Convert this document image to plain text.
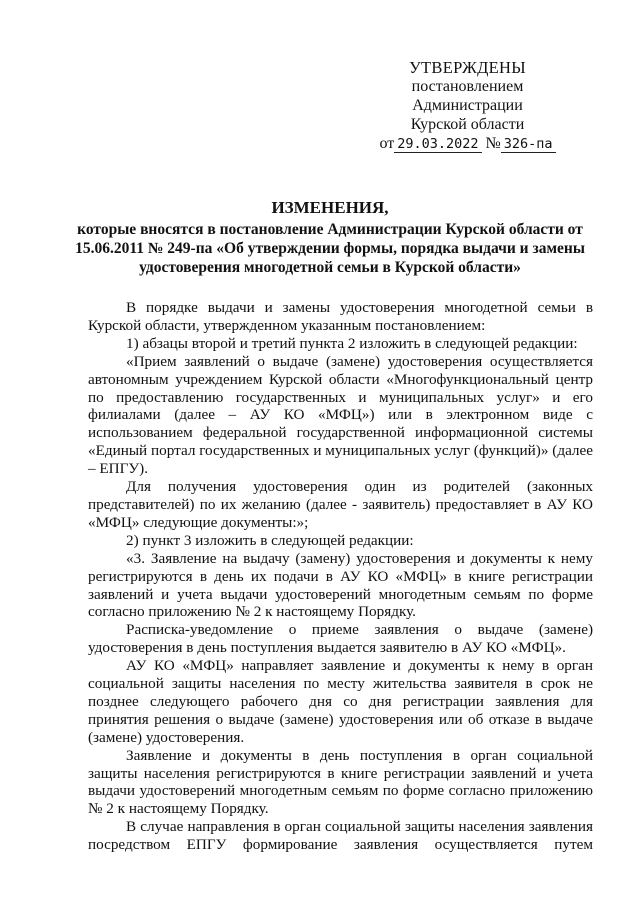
УТВЕРЖДЕНЫ
постановлением Администрации
Курской области
от 29.03.2022 № 326-па
ИЗМЕНЕНИЯ,
которые вносятся в постановление Администрации Курской области от 15.06.2011 № 249-па «Об утверждении формы, порядка выдачи и замены удостоверения многодетной семьи в Курской области»

В порядке выдачи и замены удостоверения многодетной семьи в Курской области, утвержденном указанным постановлением:

1) абзацы второй и третий пункта 2 изложить в следующей редакции:

«Прием заявлений о выдаче (замене) удостоверения осуществляется автономным учреждением Курской области «Многофункциональный центр по предоставлению государственных и муниципальных услуг» и его филиалами (далее – АУ КО «МФЦ») или в электронном виде с использованием федеральной государственной информационной системы «Единый портал государственных и муниципальных услуг (функций)» (далее – ЕПГУ).

Для получения удостоверения один из родителей (законных представителей) по их желанию (далее - заявитель) предоставляет в АУ КО «МФЦ» следующие документы:»;

2) пункт 3 изложить в следующей редакции:

«3. Заявление на выдачу (замену) удостоверения и документы к нему регистрируются в день их подачи в АУ КО «МФЦ» в книге регистрации заявлений и учета выдачи удостоверений многодетным семьям по форме согласно приложению № 2 к настоящему Порядку.

Расписка-уведомление о приеме заявления о выдаче (замене) удостоверения в день поступления выдается заявителю в АУ КО «МФЦ».

АУ КО «МФЦ» направляет заявление и документы к нему в орган социальной защиты населения по месту жительства заявителя в срок не позднее следующего рабочего дня со дня регистрации заявления для принятия решения о выдаче (замене) удостоверения или об отказе в выдаче (замене) удостоверения.

Заявление и документы в день поступления в орган социальной защиты населения регистрируются в книге регистрации заявлений и учета выдачи удостоверений многодетным семьям по форме согласно приложению № 2 к настоящему Порядку.

В случае направления в орган социальной защиты населения заявления посредством ЕПГУ формирование заявления осуществляется путем
